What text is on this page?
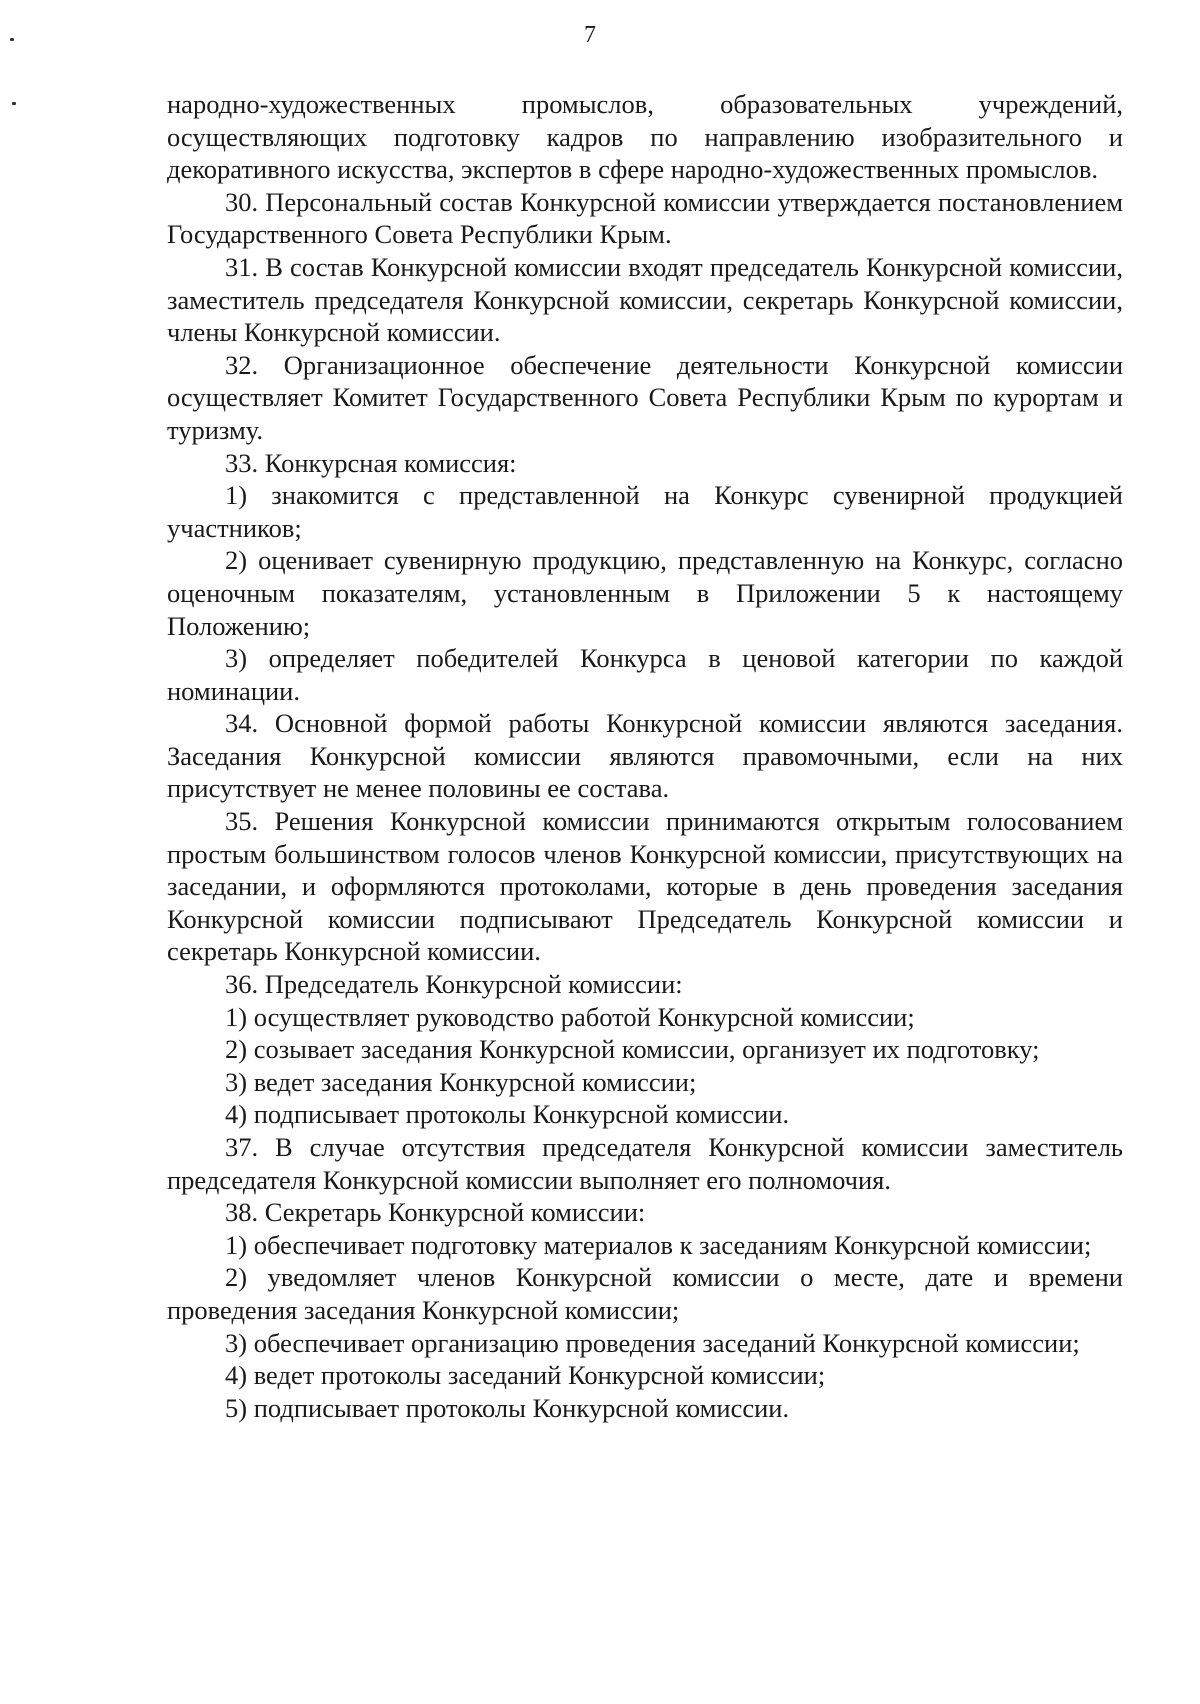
7

народно-художественных промыслов, образовательных учреждений, осуществляющих подготовку кадров по направлению изобразительного и декоративного искусства, экспертов в сфере народно-художественных промыслов.

30. Персональный состав Конкурсной комиссии утверждается постановлением Государственного Совета Республики Крым.

31. В состав Конкурсной комиссии входят председатель Конкурсной комиссии, заместитель председателя Конкурсной комиссии, секретарь Конкурсной комиссии, члены Конкурсной комиссии.

32. Организационное обеспечение деятельности Конкурсной комиссии осуществляет Комитет Государственного Совета Республики Крым по курортам и туризму.

33. Конкурсная комиссия:

1) знакомится с представленной на Конкурс сувенирной продукцией участников;

2) оценивает сувенирную продукцию, представленную на Конкурс, согласно оценочным показателям, установленным в Приложении 5 к настоящему Положению;

3) определяет победителей Конкурса в ценовой категории по каждой номинации.

34. Основной формой работы Конкурсной комиссии являются заседания. Заседания Конкурсной комиссии являются правомочными, если на них присутствует не менее половины ее состава.

35. Решения Конкурсной комиссии принимаются открытым голосованием простым большинством голосов членов Конкурсной комиссии, присутствующих на заседании, и оформляются протоколами, которые в день проведения заседания Конкурсной комиссии подписывают Председатель Конкурсной комиссии и секретарь Конкурсной комиссии.

36. Председатель Конкурсной комиссии:

1) осуществляет руководство работой Конкурсной комиссии;

2) созывает заседания Конкурсной комиссии, организует их подготовку;

3) ведет заседания Конкурсной комиссии;

4) подписывает протоколы Конкурсной комиссии.

37. В случае отсутствия председателя Конкурсной комиссии заместитель председателя Конкурсной комиссии выполняет его полномочия.

38. Секретарь Конкурсной комиссии:

1) обеспечивает подготовку материалов к заседаниям Конкурсной комиссии;

2) уведомляет членов Конкурсной комиссии о месте, дате и времени проведения заседания Конкурсной комиссии;

3) обеспечивает организацию проведения заседаний Конкурсной комиссии;

4) ведет протоколы заседаний Конкурсной комиссии;

5) подписывает протоколы Конкурсной комиссии.
